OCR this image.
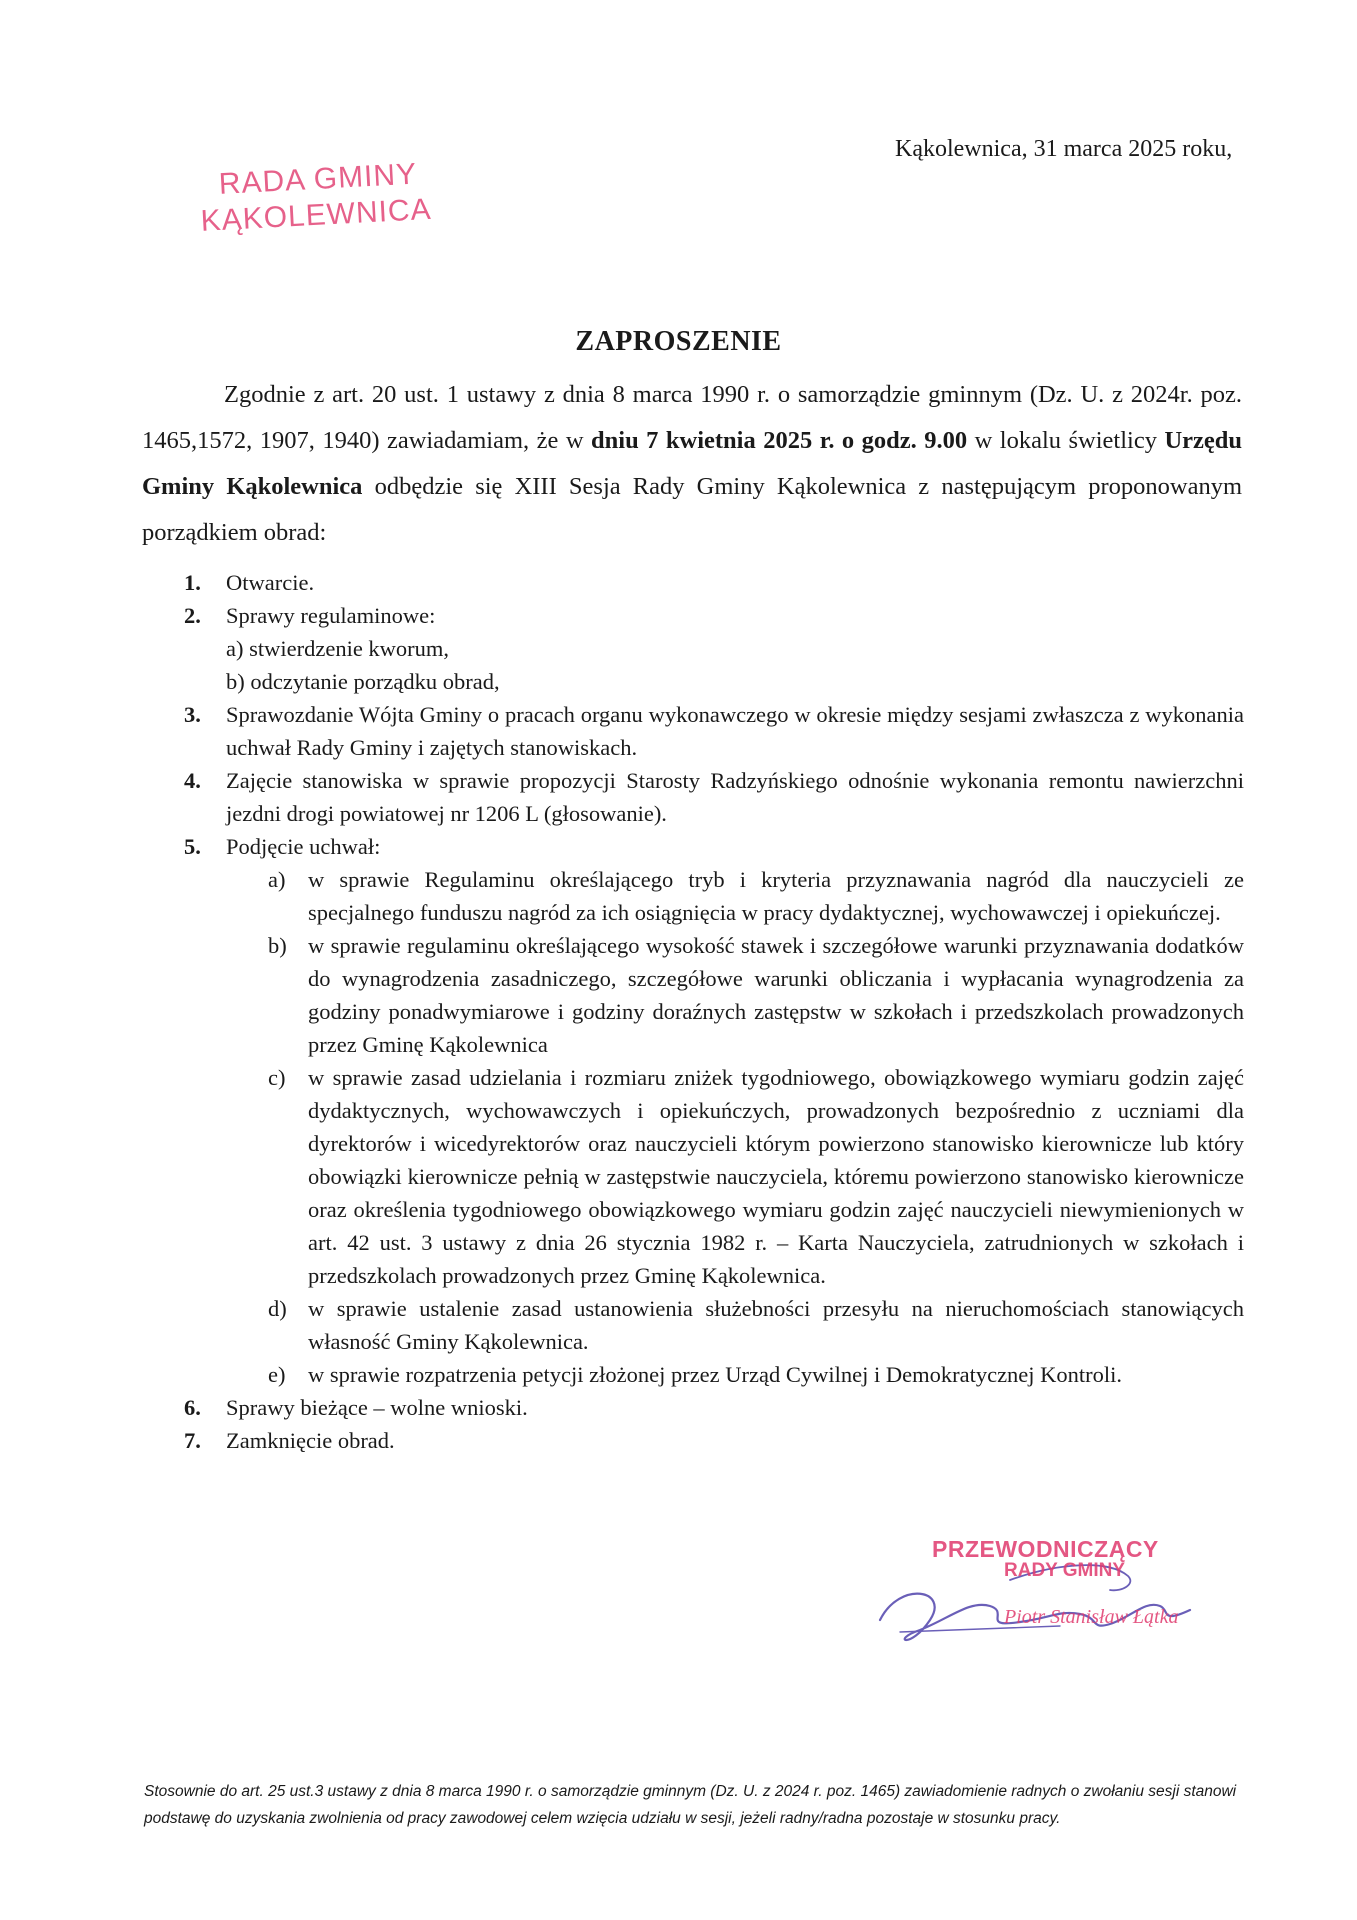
Kąkolewnica, 31 marca 2025 roku,
RADA GMINY
KĄKOLEWNICA
ZAPROSZENIE
Zgodnie z art. 20 ust. 1 ustawy z dnia 8 marca 1990 r. o samorządzie gminnym (Dz. U. z 2024r. poz. 1465,1572, 1907, 1940) zawiadamiam, że w dniu 7 kwietnia 2025 r. o godz. 9.00 w lokalu świetlicy Urzędu Gminy Kąkolewnica odbędzie się XIII Sesja Rady Gminy Kąkolewnica z następującym proponowanym porządkiem obrad:
1. Otwarcie.
2. Sprawy regulaminowe:
a) stwierdzenie kworum,
b) odczytanie porządku obrad,
3. Sprawozdanie Wójta Gminy o pracach organu wykonawczego w okresie między sesjami zwłaszcza z wykonania uchwał Rady Gminy i zajętych stanowiskach.
4. Zajęcie stanowiska w sprawie propozycji Starosty Radzyńskiego odnośnie wykonania remontu nawierzchni jezdni drogi powiatowej nr 1206 L (głosowanie).
5. Podjęcie uchwał:
a) w sprawie Regulaminu określającego tryb i kryteria przyznawania nagród dla nauczycieli ze specjalnego funduszu nagród za ich osiągnięcia w pracy dydaktycznej, wychowawczej i opiekuńczej.
b) w sprawie regulaminu określającego wysokość stawek i szczegółowe warunki przyznawania dodatków do wynagrodzenia zasadniczego, szczegółowe warunki obliczania i wypłacania wynagrodzenia za godziny ponadwymiarowe i godziny doraźnych zastępstw w szkołach i przedszkolach prowadzonych przez Gminę Kąkolewnica
c) w sprawie zasad udzielania i rozmiaru zniżek tygodniowego, obowiązkowego wymiaru godzin zajęć dydaktycznych, wychowawczych i opiekuńczych, prowadzonych bezpośrednio z uczniami dla dyrektorów i wicedyrektorów oraz nauczycieli którym powierzono stanowisko kierownicze lub który obowiązki kierownicze pełnią w zastępstwie nauczyciela, któremu powierzono stanowisko kierownicze oraz określenia tygodniowego obowiązkowego wymiaru godzin zajęć nauczycieli niewymienionych w art. 42 ust. 3 ustawy z dnia 26 stycznia 1982 r. – Karta Nauczyciela, zatrudnionych w szkołach i przedszkolach prowadzonych przez Gminę Kąkolewnica.
d) w sprawie ustalenie zasad ustanowienia służebności przesyłu na nieruchomościach stanowiących własność Gminy Kąkolewnica.
e) w sprawie rozpatrzenia petycji złożonej przez Urząd Cywilnej i Demokratycznej Kontroli.
6. Sprawy bieżące – wolne wnioski.
7. Zamknięcie obrad.
PRZEWODNICZĄCY
RADY GMINY
Piotr Stanisław Łątka
Stosownie do art. 25 ust.3 ustawy z dnia 8 marca 1990 r. o samorządzie gminnym (Dz. U. z 2024 r. poz. 1465) zawiadomienie radnych o zwołaniu sesji stanowi podstawę do uzyskania zwolnienia od pracy zawodowej celem wzięcia udziału w sesji, jeżeli radny/radna pozostaje w stosunku pracy.
